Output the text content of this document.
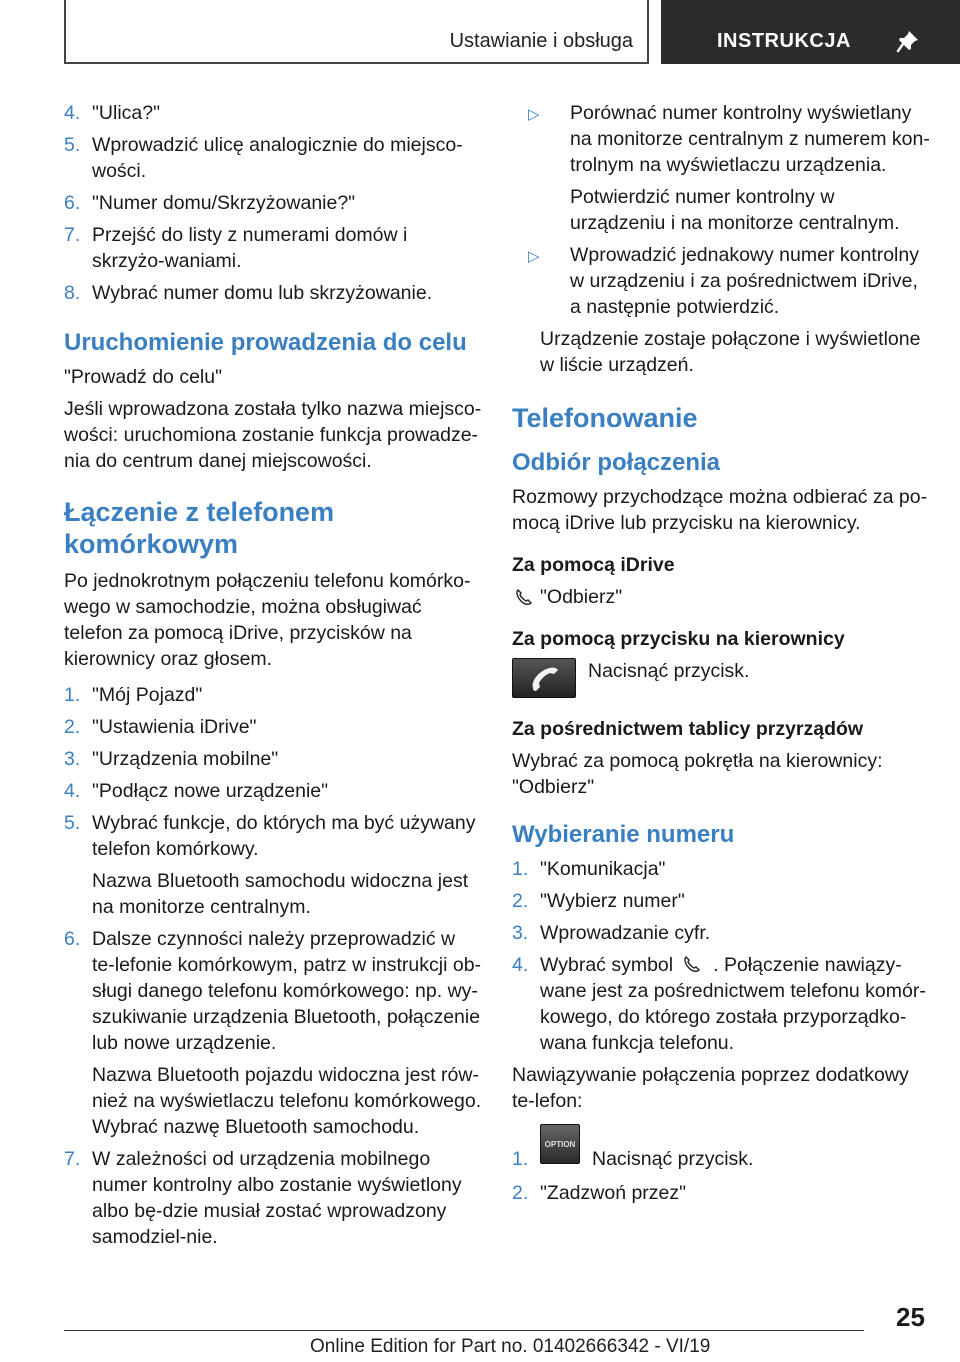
Ustawianie i obsługa	INSTRUKCJA
4. "Ulica?"
5. Wprowadzić ulicę analogicznie do miejsco-wości.
6. "Numer domu/Skrzyżowanie?"
7. Przejść do listy z numerami domów i skrzyżo-waniami.
8. Wybrać numer domu lub skrzyżowanie.
Uruchomienie prowadzenia do celu
"Prowadź do celu"
Jeśli wprowadzona została tylko nazwa miejsco-wości: uruchomiona zostanie funkcja prowadze-nia do centrum danej miejscowości.
Łączenie z telefonem komórkowym
Po jednokrotnym połączeniu telefonu komórko-wego w samochodzie, można obsługiwać telefon za pomocą iDrive, przycisków na kierownicy oraz głosem.
1. "Mój Pojazd"
2. "Ustawienia iDrive"
3. "Urządzenia mobilne"
4. "Podłącz nowe urządzenie"
5. Wybrać funkcje, do których ma być używany telefon komórkowy.
Nazwa Bluetooth samochodu widoczna jest na monitorze centralnym.
6. Dalsze czynności należy przeprowadzić w te-lefonie komórkowym, patrz w instrukcji ob-sługi danego telefonu komórkowego: np. wy-szukiwanie urządzenia Bluetooth, połączenie lub nowe urządzenie.
Nazwa Bluetooth pojazdu widoczna jest rów-nież na wyświetlaczu telefonu komórkowego. Wybrać nazwę Bluetooth samochodu.
7. W zależności od urządzenia mobilnego numer kontrolny albo zostanie wyświetlony albo bę-dzie musiał zostać wprowadzony samodziel-nie.
▷ Porównać numer kontrolny wyświetlany na monitorze centralnym z numerem kon-trolnym na wyświetlaczu urządzenia.
Potwierdzić numer kontrolny w urządzeniu i na monitorze centralnym.
▷ Wprowadzić jednakowy numer kontrolny w urządzeniu i za pośrednictwem iDrive, a następnie potwierdzić.
Urządzenie zostaje połączone i wyświetlone w liście urządzeń.
Telefonowanie
Odbiór połączenia
Rozmowy przychodzące można odbierać za po-mocą iDrive lub przycisku na kierownicy.
Za pomocą iDrive
"Odbierz"
Za pomocą przycisku na kierownicy
Nacisnąć przycisk.
Za pośrednictwem tablicy przyrządów
Wybrać za pomocą pokrętła na kierownicy: "Odbierz"
Wybieranie numeru
1. "Komunikacja"
2. "Wybierz numer"
3. Wprowadzanie cyfr.
4. Wybrać symbol . Połączenie nawiązy-wane jest za pośrednictwem telefonu komór-kowego, do którego została przyporządko-wana funkcja telefonu.
Nawiązywanie połączenia poprzez dodatkowy te-lefon:
1.
OPTION
Nacisnąć przycisk.
2. "Zadzwoń przez"
25
Online Edition for Part no. 01402666342 - VI/19
